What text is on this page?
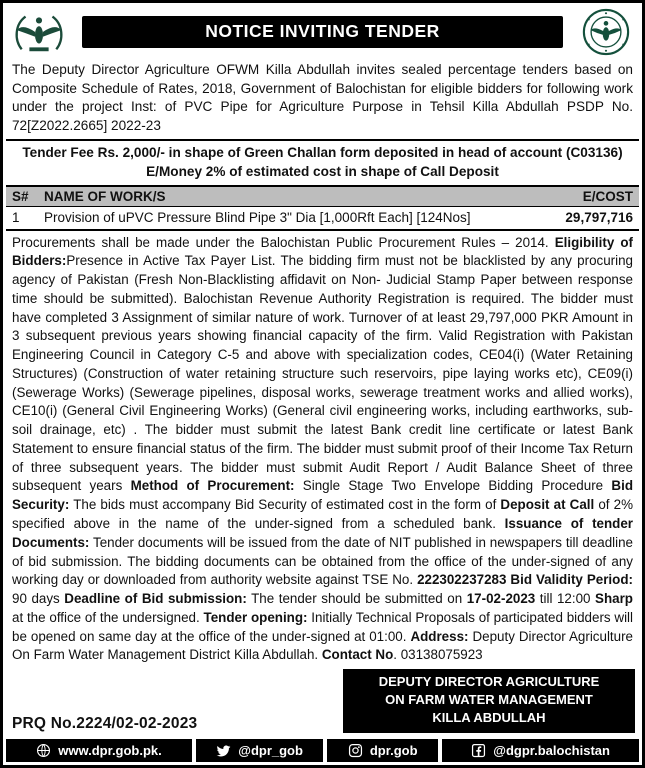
NOTICE INVITING TENDER
The Deputy Director Agriculture OFWM Killa Abdullah invites sealed percentage tenders based on Composite Schedule of Rates, 2018, Government of Balochistan for eligible bidders for following work under the project Inst: of PVC Pipe for Agriculture Purpose in Tehsil Killa Abdullah PSDP No. 72[Z2022.2665] 2022-23
Tender Fee Rs. 2,000/- in shape of Green Challan form deposited in head of account (C03136)
E/Money 2% of estimated cost in shape of Call Deposit
S#	NAME OF WORK/S	E/COST
1	Provision of uPVC Pressure Blind Pipe 3" Dia [1,000Rft Each] [124Nos]	29,797,716
Procurements shall be made under the Balochistan Public Procurement Rules – 2014. Eligibility of Bidders:Presence in Active Tax Payer List. The bidding firm must not be blacklisted by any procuring agency of Pakistan (Fresh Non-Blacklisting affidavit on Non- Judicial Stamp Paper between response time should be submitted). Balochistan Revenue Authority Registration is required. The bidder must have completed 3 Assignment of similar nature of work. Turnover of at least 29,797,000 PKR Amount in 3 subsequent previous years showing financial capacity of the firm. Valid Registration with Pakistan Engineering Council in Category C-5 and above with specialization codes, CE04(i) (Water Retaining Structures) (Construction of water retaining structure such reservoirs, pipe laying works etc), CE09(i) (Sewerage Works) (Sewerage pipelines, disposal works, sewerage treatment works and allied works), CE10(i) (General Civil Engineering Works) (General civil engineering works, including earthworks, sub-soil drainage, etc) . The bidder must submit the latest Bank credit line certificate or latest Bank Statement to ensure financial status of the firm. The bidder must submit proof of their Income Tax Return of three subsequent years. The bidder must submit Audit Report / Audit Balance Sheet of three subsequent years Method of Procurement: Single Stage Two Envelope Bidding Procedure Bid Security: The bids must accompany Bid Security of estimated cost in the form of Deposit at Call of 2% specified above in the name of the under-signed from a scheduled bank. Issuance of tender Documents: Tender documents will be issued from the date of NIT published in newspapers till deadline of bid submission. The bidding documents can be obtained from the office of the under-signed of any working day or downloaded from authority website against TSE No. 222302237283 Bid Validity Period: 90 days Deadline of Bid submission: The tender should be submitted on 17-02-2023 till 12:00 Sharp at the office of the undersigned. Tender opening: Initially Technical Proposals of participated bidders will be opened on same day at the office of the under-signed at 01:00. Address: Deputy Director Agriculture On Farm Water Management District Killa Abdullah. Contact No. 03138075923
PRQ No.2224/02-02-2023
DEPUTY DIRECTOR AGRICULTURE
ON FARM WATER MANAGEMENT
KILLA ABDULLAH
www.dpr.gob.pk.	@dpr_gob	dpr.gob	@dgpr.balochistan
